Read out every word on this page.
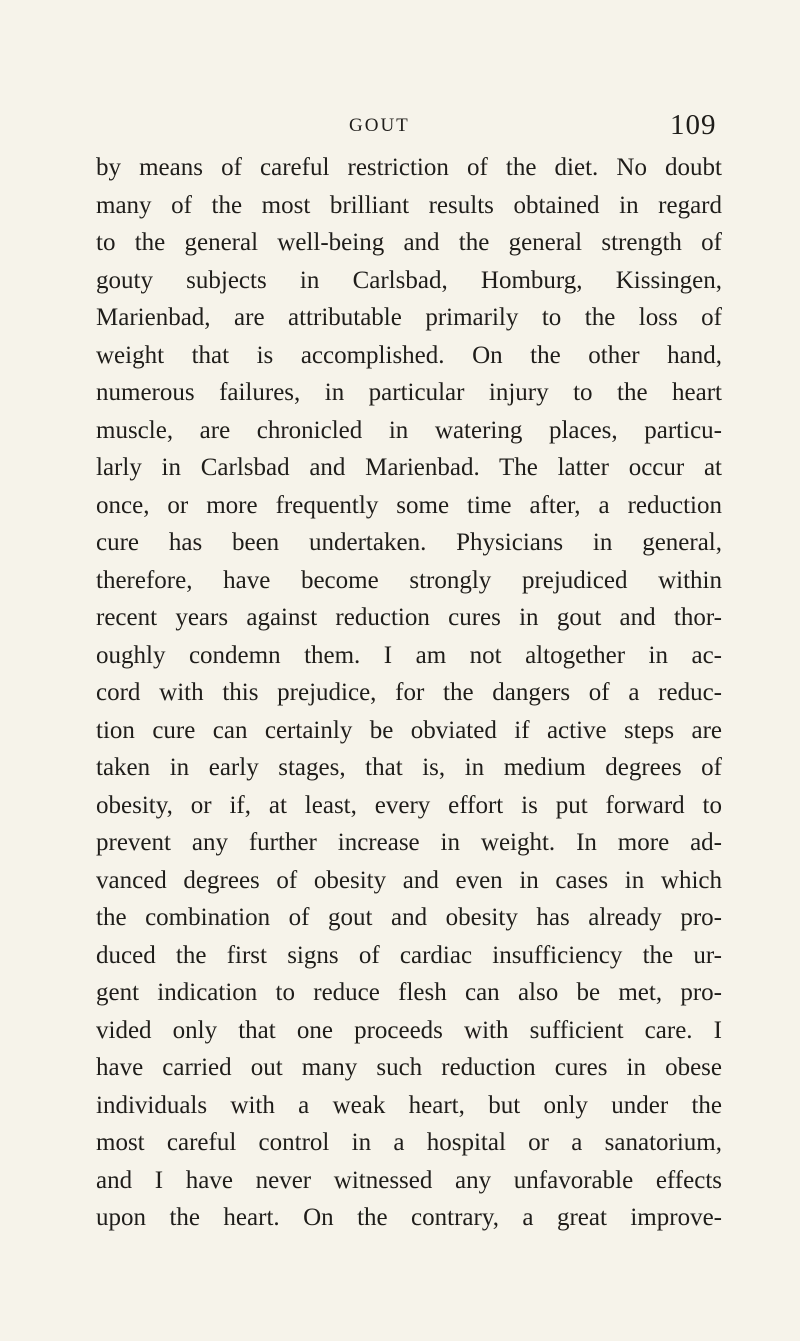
GOUT	109
by means of careful restriction of the diet. No doubt
many of the most brilliant results obtained in regard
to the general well-being and the general strength of
gouty subjects in Carlsbad, Homburg, Kissingen,
Marienbad, are attributable primarily to the loss of
weight that is accomplished. On the other hand,
numerous failures, in particular injury to the heart
muscle, are chronicled in watering places, particu-
larly in Carlsbad and Marienbad. The latter occur at
once, or more frequently some time after, a reduction
cure has been undertaken. Physicians in general,
therefore, have become strongly prejudiced within
recent years against reduction cures in gout and thor-
oughly condemn them. I am not altogether in ac-
cord with this prejudice, for the dangers of a reduc-
tion cure can certainly be obviated if active steps are
taken in early stages, that is, in medium degrees of
obesity, or if, at least, every effort is put forward to
prevent any further increase in weight. In more ad-
vanced degrees of obesity and even in cases in which
the combination of gout and obesity has already pro-
duced the first signs of cardiac insufficiency the ur-
gent indication to reduce flesh can also be met, pro-
vided only that one proceeds with sufficient care. I
have carried out many such reduction cures in obese
individuals with a weak heart, but only under the
most careful control in a hospital or a sanatorium,
and I have never witnessed any unfavorable effects
upon the heart. On the contrary, a great improve-
